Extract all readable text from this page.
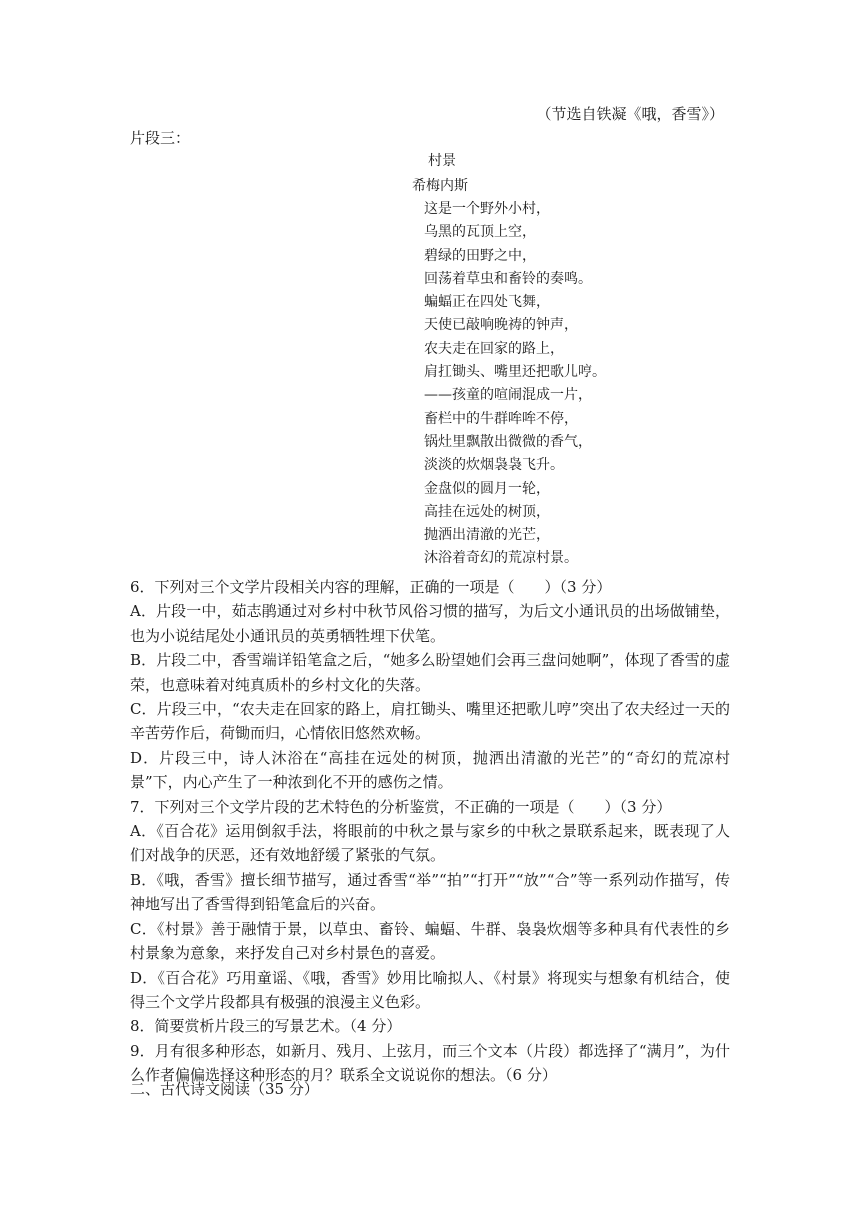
（节选自铁凝《哦，香雪》）
片段三：
村景
希梅内斯
这是一个野外小村，
乌黑的瓦顶上空，
碧绿的田野之中，
回荡着草虫和畜铃的奏鸣。
蝙蝠正在四处飞舞，
天使已敲响晚祷的钟声，
农夫走在回家的路上，
肩扛锄头、嘴里还把歌儿哼。
——孩童的喧闹混成一片，
畜栏中的牛群哞哞不停，
锅灶里飘散出微微的香气，
淡淡的炊烟袅袅飞升。
金盘似的圆月一轮，
高挂在远处的树顶，
抛洒出清澈的光芒，
沐浴着奇幻的荒凉村景。

6．下列对三个文学片段相关内容的理解，正确的一项是（　　）（3 分）

A．片段一中，茹志鹃通过对乡村中秋节风俗习惯的描写，为后文小通讯员的出场做铺垫，也为小说结尾处小通讯员的英勇牺牲埋下伏笔。

B．片段二中，香雪端详铅笔盒之后，“她多么盼望她们会再三盘问她啊”，体现了香雪的虚荣，也意味着对纯真质朴的乡村文化的失落。

C．片段三中，“农夫走在回家的路上，肩扛锄头、嘴里还把歌儿哼”突出了农夫经过一天的辛苦劳作后，荷锄而归，心情依旧悠然欢畅。

D．片段三中，诗人沐浴在“高挂在远处的树顶，抛洒出清澈的光芒”的“奇幻的荒凉村景”下，内心产生了一种浓到化不开的感伤之情。

7．下列对三个文学片段的艺术特色的分析鉴赏，不正确的一项是（　　）（3 分）

A．《百合花》运用倒叙手法，将眼前的中秋之景与家乡的中秋之景联系起来，既表现了人们对战争的厌恶，还有效地舒缓了紧张的气氛。

B．《哦，香雪》擅长细节描写，通过香雪“举”“拍”“打开”“放”“合”等一系列动作描写，传神地写出了香雪得到铅笔盒后的兴奋。

C．《村景》善于融情于景，以草虫、畜铃、蝙蝠、牛群、袅袅炊烟等多种具有代表性的乡村景象为意象，来抒发自己对乡村景色的喜爱。

D．《百合花》巧用童谣、《哦，香雪》妙用比喻拟人、《村景》将现实与想象有机结合，使得三个文学片段都具有极强的浪漫主义色彩。

8．简要赏析片段三的写景艺术。（4 分）

9．月有很多种形态，如新月、残月、上弦月，而三个文本（片段）都选择了“满月”，为什么作者偏偏选择这种形态的月？联系全文说说你的想法。（6 分）

二、古代诗文阅读（35 分）
